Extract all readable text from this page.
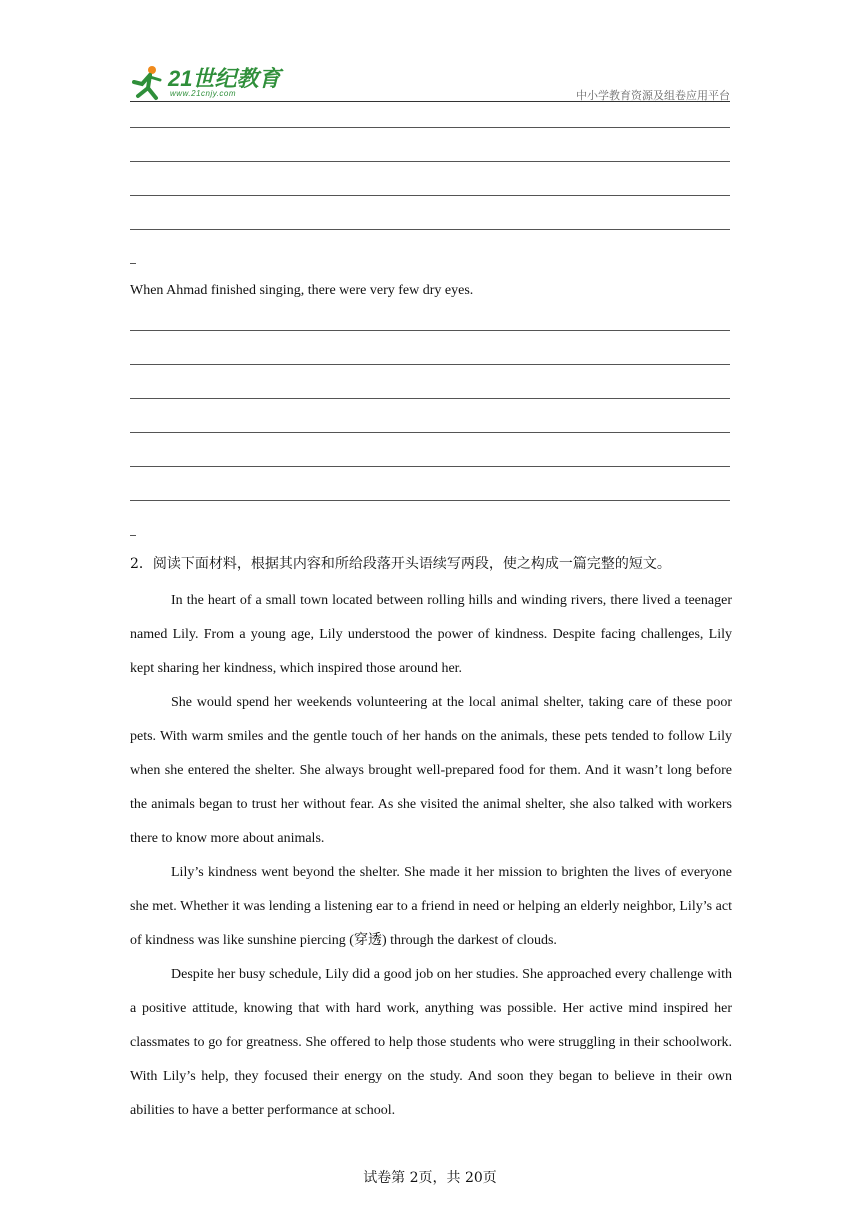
21世纪教育
www.21cnjy.com	中小学教育资源及组卷应用平台
When Ahmad finished singing, there were very few dry eyes.
2．阅读下面材料，根据其内容和所给段落开头语续写两段，使之构成一篇完整的短文。

In the heart of a small town located between rolling hills and winding rivers, there lived a teenager named Lily. From a young age, Lily understood the power of kindness. Despite facing challenges, Lily kept sharing her kindness, which inspired those around her.

She would spend her weekends volunteering at the local animal shelter, taking care of these poor pets. With warm smiles and the gentle touch of her hands on the animals, these pets tended to follow Lily when she entered the shelter. She always brought well-prepared food for them. And it wasn’t long before the animals began to trust her without fear. As she visited the animal shelter, she also talked with workers there to know more about animals.

Lily’s kindness went beyond the shelter. She made it her mission to brighten the lives of everyone she met. Whether it was lending a listening ear to a friend in need or helping an elderly neighbor, Lily’s act of kindness was like sunshine piercing (穿透) through the darkest of clouds.

Despite her busy schedule, Lily did a good job on her studies. She approached every challenge with a positive attitude, knowing that with hard work, anything was possible. Her active mind inspired her classmates to go for greatness. She offered to help those students who were struggling in their schoolwork. With Lily’s help, they focused their energy on the study. And soon they began to believe in their own abilities to have a better performance at school.

试卷第 2页，共 20页
